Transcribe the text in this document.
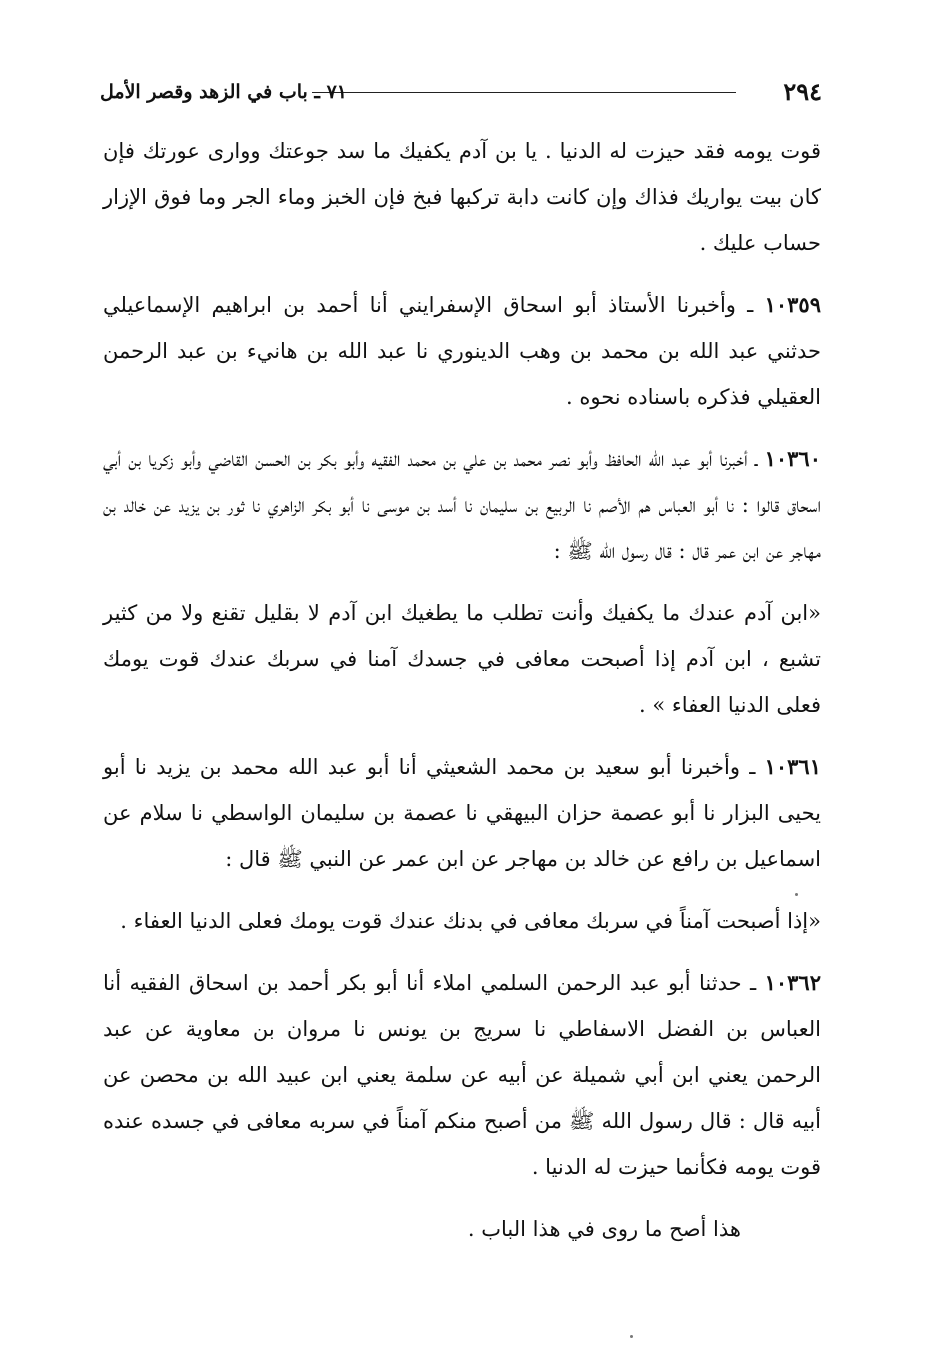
٢٩٤
٧١ ـ باب في الزهد وقصر الأمل

قوت يومه فقد حيزت له الدنيا . يا بن آدم يكفيك ما سد جوعتك ووارى عورتك فإن كان بيت يواريك فذاك وإن كانت دابة تركبها فبخ فإن الخبز وماء الجر وما فوق الإزار حساب عليك .

١٠٣٥٩ ـ وأخبرنا الأستاذ أبو اسحاق الإسفرايني أنا أحمد بن ابراهيم الإسماعيلي حدثني عبد الله بن محمد بن وهب الدينوري نا عبد الله بن هانيء بن عبد الرحمن العقيلي فذكره باسناده نحوه .

١٠٣٦٠ ـ أخبرنا أبو عبد الله الحافظ وأبو نصر محمد بن علي بن محمد الفقيه وأبو بكر بن الحسن القاضي وأبو زكريا بن أبي اسحاق قالوا : نا أبو العباس هم الأصم نا الربيع بن سليمان نا أسد بن موسى نا أبو بكر الزاهري نا ثور بن يزيد عن خالد بن مهاجر عن ابن عمر قال : قال رسول الله ﷺ :

«ابن آدم عندك ما يكفيك وأنت تطلب ما يطغيك ابن آدم لا بقليل تقنع ولا من كثير تشبع ، ابن آدم إذا أصبحت معافى في جسدك آمنا في سربك عندك قوت يومك فعلى الدنيا العفاء » .

١٠٣٦١ ـ وأخبرنا أبو سعيد بن محمد الشعيثي أنا أبو عبد الله محمد بن يزيد نا أبو يحيى البزار نا أبو عصمة حزان البيهقي نا عصمة بن سليمان الواسطي نا سلام عن اسماعيل بن رافع عن خالد بن مهاجر عن ابن عمر عن النبي ﷺ قال :

«إذا أصبحت آمناً في سربك معافى في بدنك عندك قوت يومك فعلى الدنيا العفاء .

١٠٣٦٢ ـ حدثنا أبو عبد الرحمن السلمي املاء أنا أبو بكر أحمد بن اسحاق الفقيه أنا العباس بن الفضل الاسفاطي نا سريج بن يونس نا مروان بن معاوية عن عبد الرحمن يعني ابن أبي شميلة عن أبيه عن سلمة يعني ابن عبيد الله بن محصن عن أبيه قال : قال رسول الله ﷺ من أصبح منكم آمناً في سربه معافى في جسده عنده قوت يومه فكأنما حيزت له الدنيا .

هذا أصح ما روى في هذا الباب .
